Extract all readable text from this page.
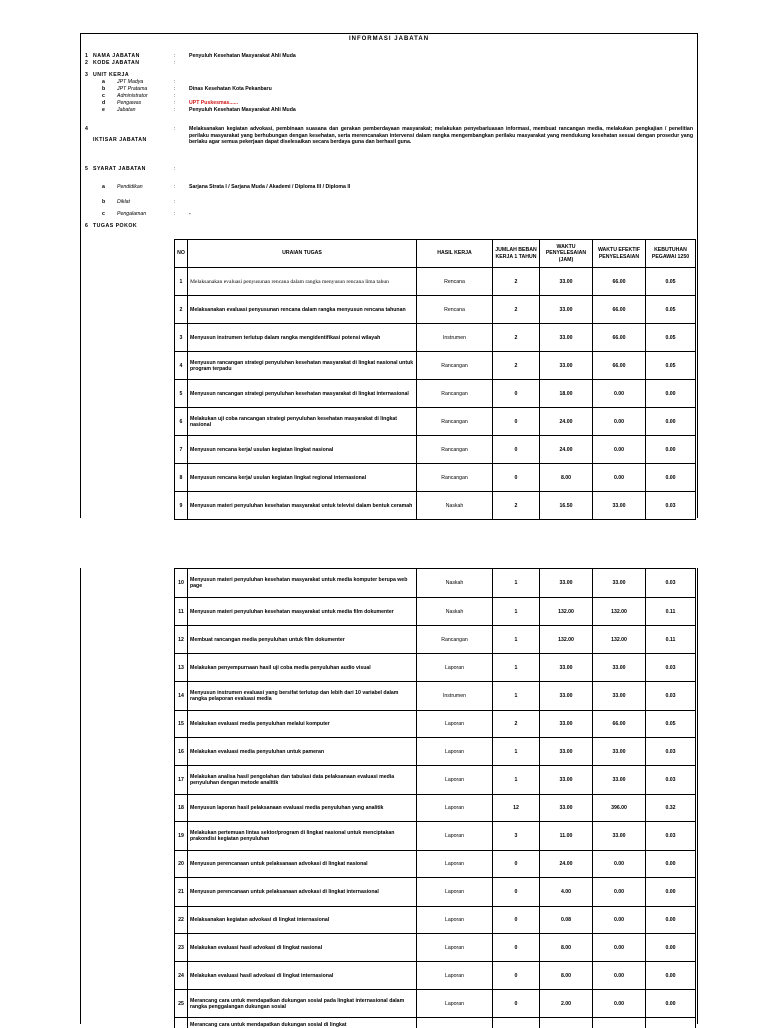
INFORMASI JABATAN
1 NAMA JABATAN	:	Penyuluh Kesehatan Masyarakat Ahli Muda
2 KODE JABATAN	:
3 UNIT KERJA
a JPT Madya	:
b JPT Pratama	:	Dinas Kesehatan Kota Pekanbaru
c Administrator	:
d Pengawas	:	UPT Puskesmas......
e Jabatan	:	Penyuluh Kesehatan Masyarakat Ahli Muda
4
IKTISAR JABATAN
:	Melaksanakan kegiatan advokasi, pembinaan suasana dan gerakan pemberdayaan masyarakat; melakukan penyebarluasan informasi, membuat rancangan media, melakukan pengkajian / penelitian perilaku masyarakat yang berhubungan dengan kesehatan, serta merencanakan intervensi dalam rangka mengembangkan perilaku masyarakat yang mendukung kesehatan sesuai dengan prosedur yang berlaku agar semua pekerjaan dapat diselesaikan secara berdaya guna dan berhasil guna.
5 SYARAT JABATAN	:
a Pendidikan	:	Sarjana Strata I / Sarjana Muda / Akademi / Diploma III / Diploma II
b Diklat	:
c Pengalaman	:	-
6 TUGAS POKOK
NO	URAIAN TUGAS	HASIL KERJA	JUMLAH BEBAN KERJA 1 TAHUN	WAKTU PENYELESAIAN (JAM)	WAKTU EFEKTIF PENYELESAIAN	KEBUTUHAN PEGAWAI 1250
1	Melaksanakan evaluasi penyusunan rencana dalam rangka menyusun rencana lima tahun	Rencana	2	33.00	66.00	0.05
2	Melaksanakan evaluasi penyusunan rencana dalam rangka menyusun rencana tahunan	Rencana	2	33.00	66.00	0.05
3	Menyusun instrumen terlutup dalam rangka mengidentifikasi potensi wilayah	Instrumen	2	33.00	66.00	0.05
4	Menyusun rancangan strategi penyuluhan kesehatan masyarakat di lingkat nasional untuk program terpadu	Rancangan	2	33.00	66.00	0.05
5	Menyusun rancangan strategi penyuluhan kesehatan masyarakat di lingkat internasional	Rancangan	0	18.00	0.00	0.00
6	Melakukan uji coba rancangan strategi penyuluhan kesehatan masyarakat di lingkat nasional	Rancangan	0	24.00	0.00	0.00
7	Menyusun rencana kerja/ usulan kegiatan lingkat nasional	Rancangan	0	24.00	0.00	0.00
8	Menyusun rencana kerja/ usulan kegiatan lingkat regional internasional	Rancangan	0	8.00	0.00	0.00
9	Menyusun materi penyuluhan kesehatan masyarakat untuk televisi dalam bentuk ceramah	Naskah	2	16.50	33.00	0.03
10	Menyusun materi penyuluhan kesehatan masyarakat untuk media komputer berupa web page	Naskah	1	33.00	33.00	0.03
11	Menyusun materi penyuluhan kesehatan masyarakat untuk media film dokumenter	Naskah	1	132.00	132.00	0.11
12	Membuat rancangan media penyuluhan untuk film dokumenter	Rancangan	1	132.00	132.00	0.11
13	Melakukan penyempurnaan hasil uji coba media penyuluhan audio visual	Laporan	1	33.00	33.00	0.03
14	Menyusun instrumen evaluasi yang bersifat terlutup dan lebih dari 10 variabel dalam rangka pelaporan evaluasi media	Instrumen	1	33.00	33.00	0.03
15	Melakukan evaluasi media penyuluhan melalui komputer	Laporan	2	33.00	66.00	0.05
16	Melakukan evaluasi media penyuluhan untuk pameran	Laporan	1	33.00	33.00	0.03
17	Melakukan analisa hasil pengolahan dan tabulasi data pelaksanaan evaluasi media penyuluhan dengan metode analitik	Laporan	1	33.00	33.00	0.03
18	Menyusun laporan hasil pelaksanaan evaluasi media penyuluhan yang analitik	Laporan	12	33.00	396.00	0.32
19	Melakukan pertemuan lintas sektor/program di lingkat nasional untuk menciptakan prakondisi kegiatan penyuluhan	Laporan	3	11.00	33.00	0.03
20	Menyusun perencanaan untuk pelaksanaan advokasi di lingkat nasional	Laporan	0	24.00	0.00	0.00
21	Menyusun perencanaan untuk pelaksanaan advokasi di lingkat internasional	Laporan	0	4.00	0.00	0.00
22	Melaksanakan kegiatan advokasi di lingkat internasional	Laporan	0	0.08	0.00	0.00
23	Melakukan evaluasi hasil advokasi di lingkat nasional	Laporan	0	8.00	0.00	0.00
24	Melakukan evaluasi hasil advokasi di lingkat internasional	Laporan	0	8.00	0.00	0.00
25	Merancang cara untuk mendapatkan dukungan sosial pada lingkat internasional dalam rangka penggalangan dukungan sosial	Laporan	0	2.00	0.00	0.00
	Merancang cara untuk mendapatkan dukungan sosial di lingkat					
